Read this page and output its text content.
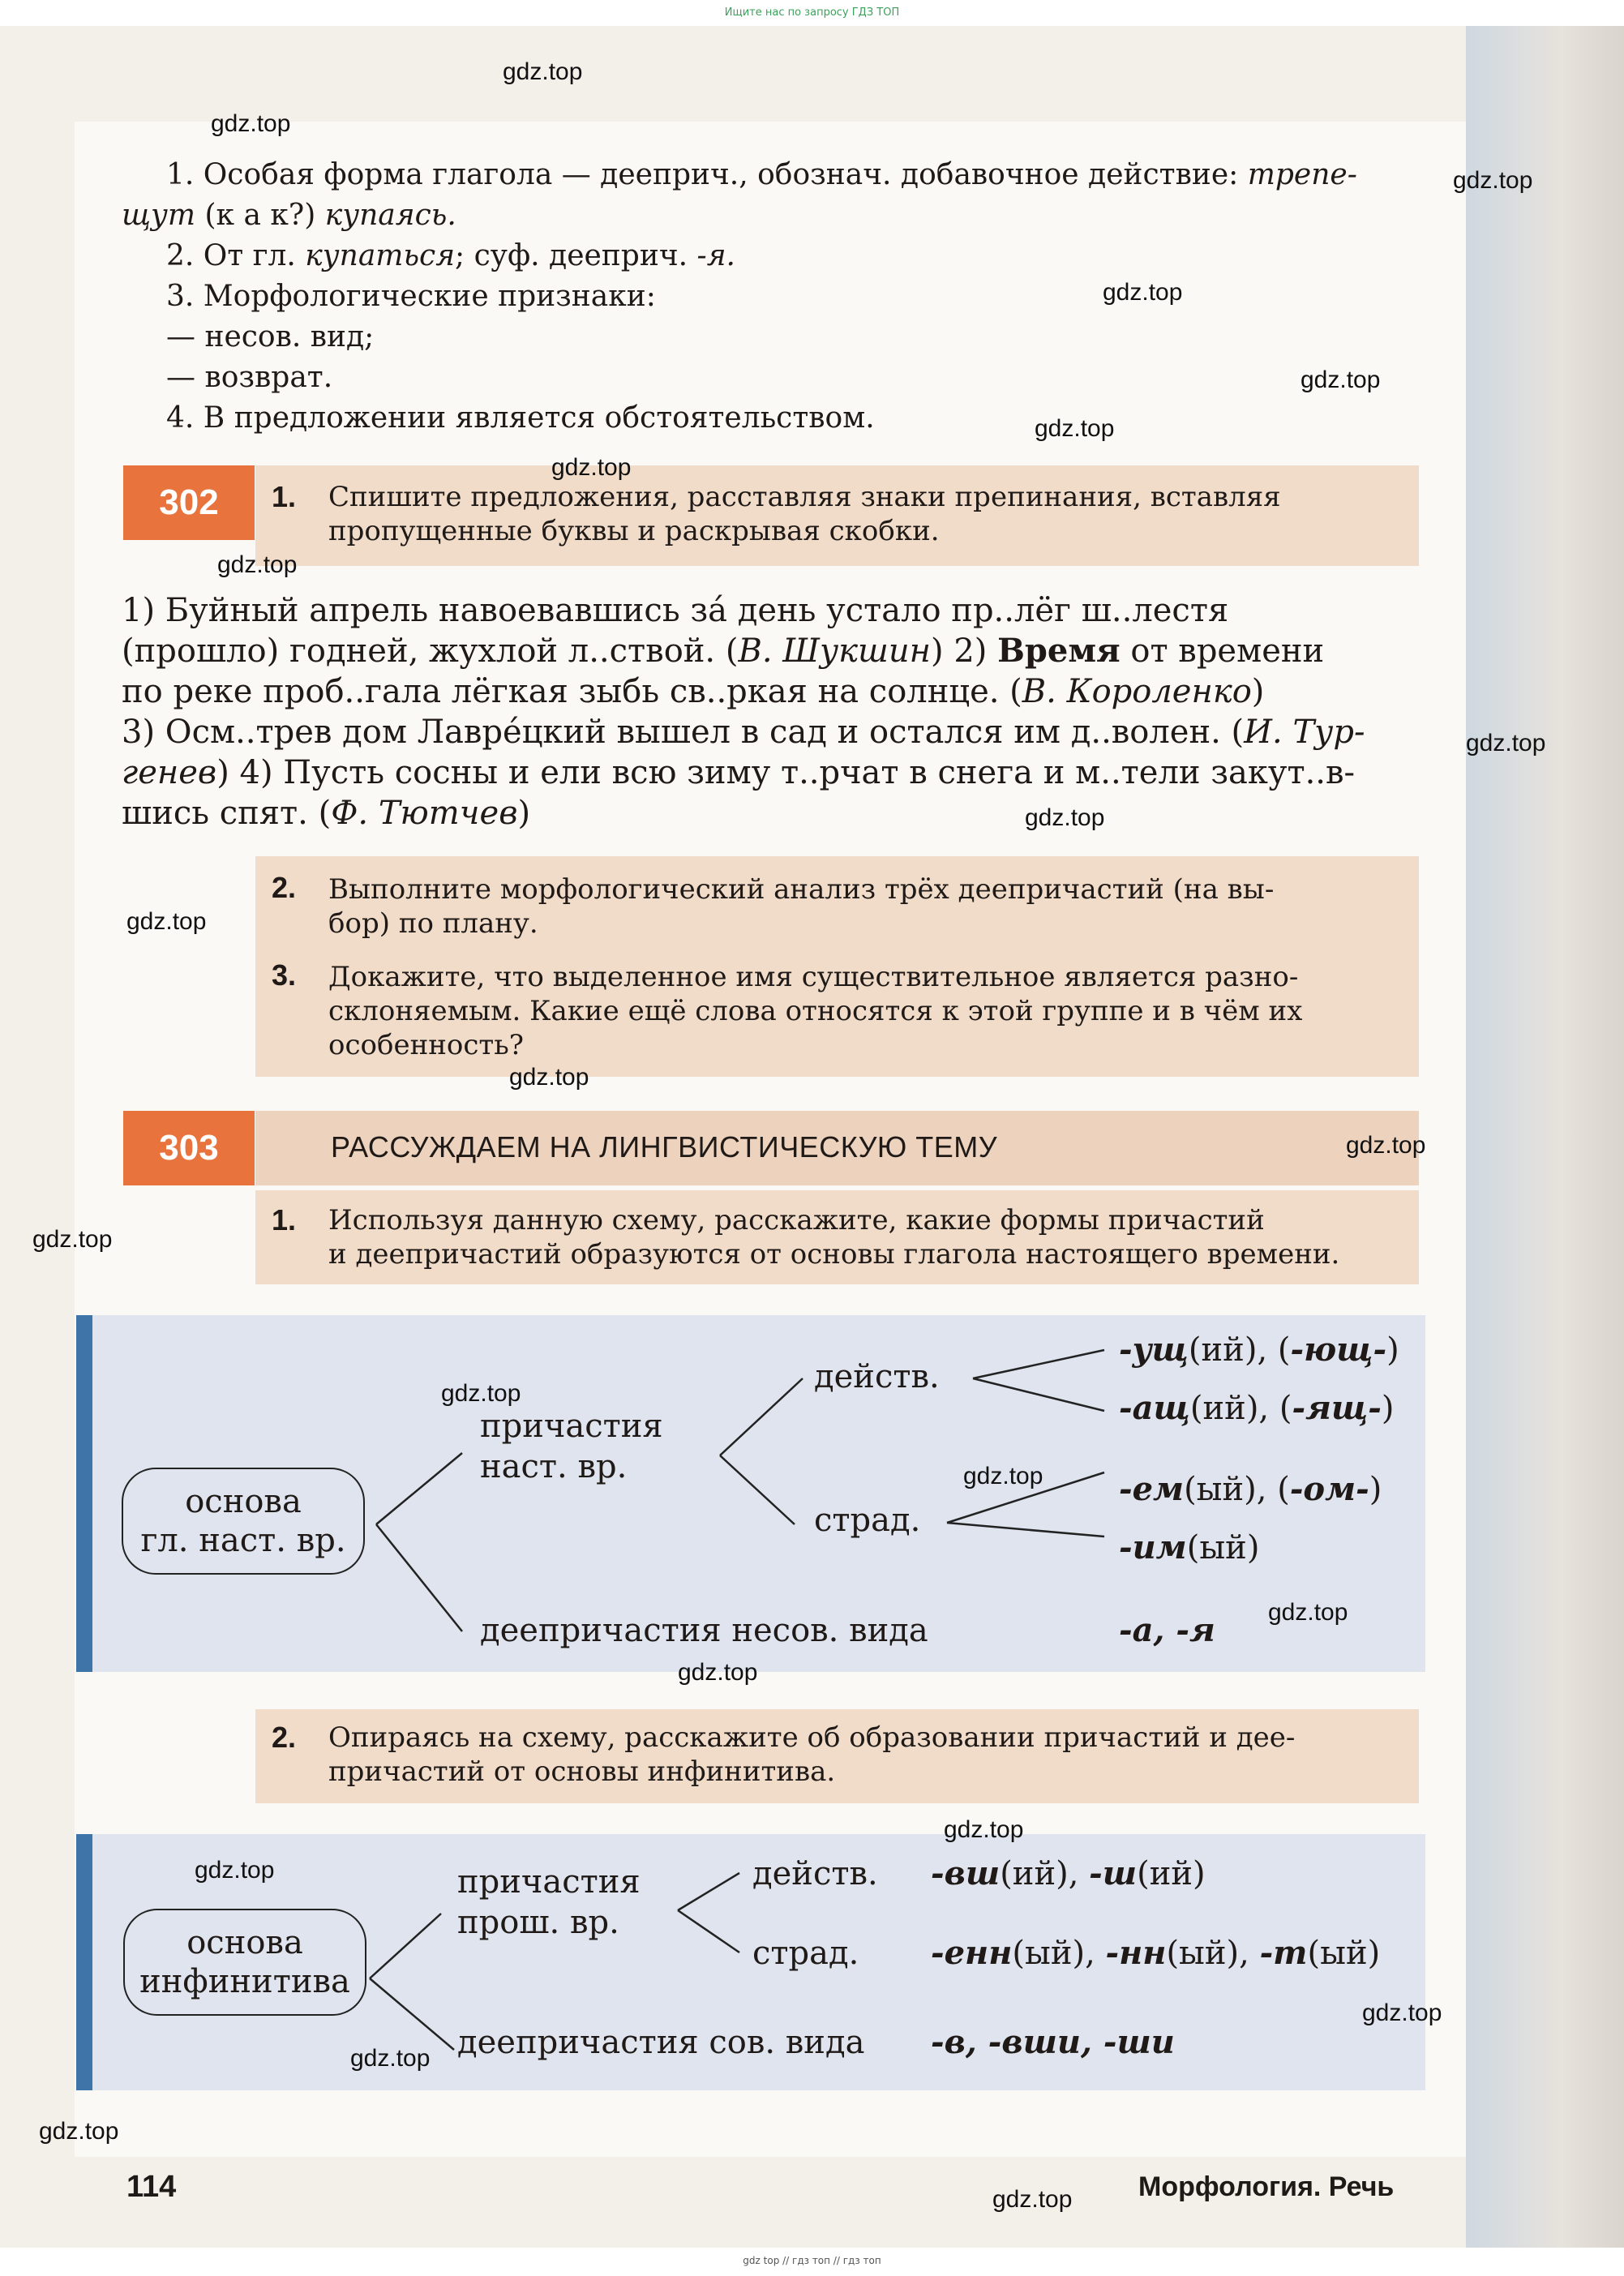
Ищите нас по запросу ГДЗ ТОП
1. Особая форма глагола — дееприч., обознач. добавочное действие: трепе-
щут (к а к?) купаясь.
2. От гл. купаться; суф. дееприч. -я.
3. Морфологические признаки:
— несов. вид;
— возврат.
4. В предложении является обстоятельством.
302	1. Спишите предложения, расставляя знаки препинания, вставляя
пропущенные буквы и раскрывая скобки.
1) Буйный апрель навоевавшись за́ день устало пр..лёг ш..лестя
(прошло) годней, жухлой л..ствой. (В. Шукшин) 2) Время от времени
по реке проб..гала лёгкая зыбь св..ркая на солнце. (В. Короленко)
3) Осм..трев дом Лавре́цкий вышел в сад и остался им д..волен. (И. Тур-
генев) 4) Пусть сосны и ели всю зиму т..рчат в снега и м..тели закут..в-
шись спят. (Ф. Тютчев)
2. Выполните морфологический анализ трёх деепричастий (на вы-
бор) по плану.
3. Докажите, что выделенное имя существительное является разно-
склоняемым. Какие ещё слова относятся к этой группе и в чём их
особенность?
303	РАССУЖДАЕМ НА ЛИНГВИСТИЧЕСКУЮ ТЕМУ
1. Используя данную схему, расскажите, какие формы причастий
и деепричастий образуются от основы глагола настоящего времени.
основа
гл. наст. вр.
причастия
наст. вр.
действ.
страд.
-ущ(ий), (-ющ-)
-ащ(ий), (-ящ-)
-ем(ый), (-ом-)
-им(ый)
деепричастия несов. вида	-а, -я
2. Опираясь на схему, расскажите об образовании причастий и дее-
причастий от основы инфинитива.
основа
инфинитива
причастия
прош. вр.
действ.
страд.
-вш(ий), -ш(ий)
-енн(ый), -нн(ый), -т(ый)
деепричастия сов. вида -в, -вши, -ши
114	Морфология. Речь
gdz.top
gdz.top
gdz.top
gdz.top
gdz.top
gdz.top
gdz.top
gdz.top
gdz.top
gdz.top
gdz.top
gdz.top
gdz.top
gdz.top
gdz.top
gdz.top
gdz.top
gdz.top
gdz.top
gdz.top
gdz.top
gdz.top
gdz.top
gdz.top
gdz top // гдз топ // гдз топ
